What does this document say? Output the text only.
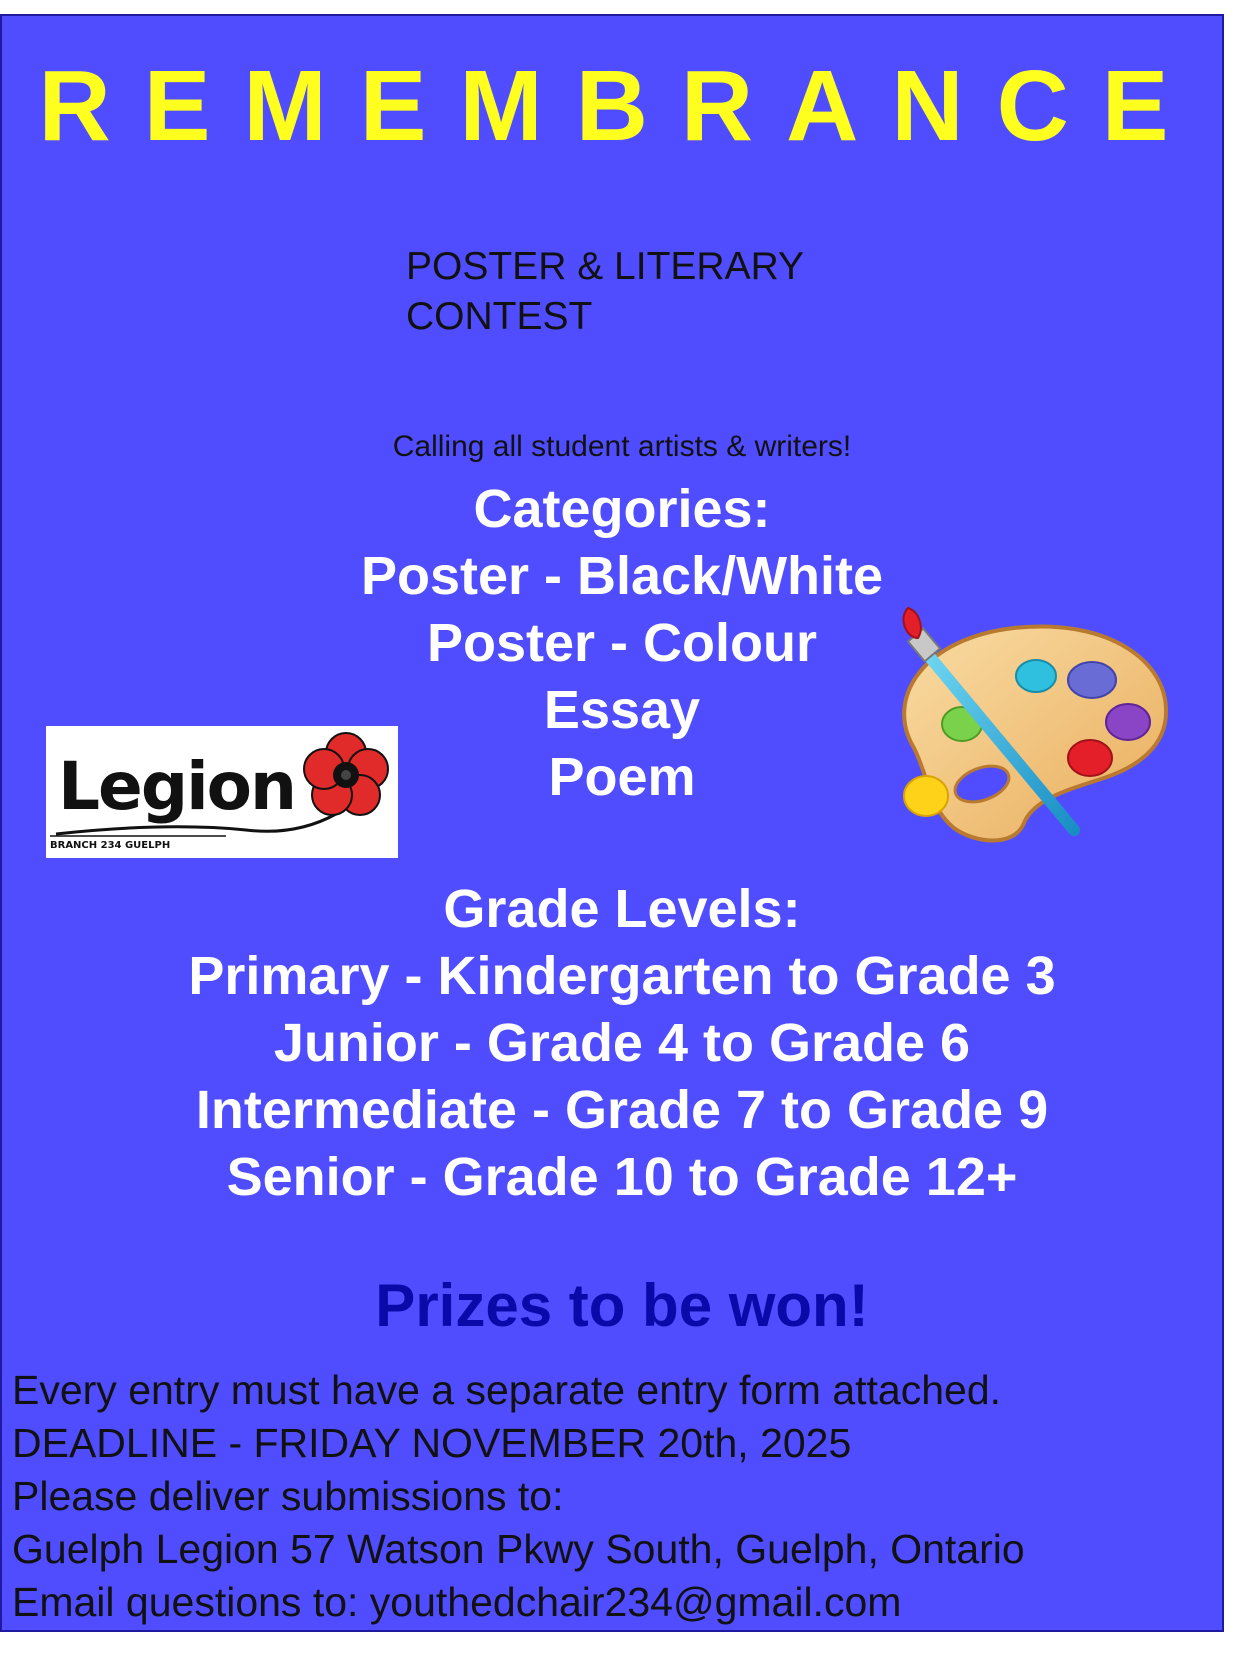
REMEMBRANCE
POSTER & LITERARY
CONTEST
Calling all student artists & writers!
Categories:
Poster - Black/White
Poster - Colour
Essay
Poem
Grade Levels:
Primary - Kindergarten to Grade 3
Junior - Grade 4 to Grade 6
Intermediate - Grade 7 to Grade 9
Senior - Grade 10 to Grade 12+
Prizes to be won!
Every entry must have a separate entry form attached.
DEADLINE - FRIDAY NOVEMBER 20th, 2025
Please deliver submissions to:
Guelph Legion 57 Watson Pkwy South, Guelph, Ontario
Email questions to: youthedchair234@gmail.com
Legion
BRANCH 234 GUELPH
